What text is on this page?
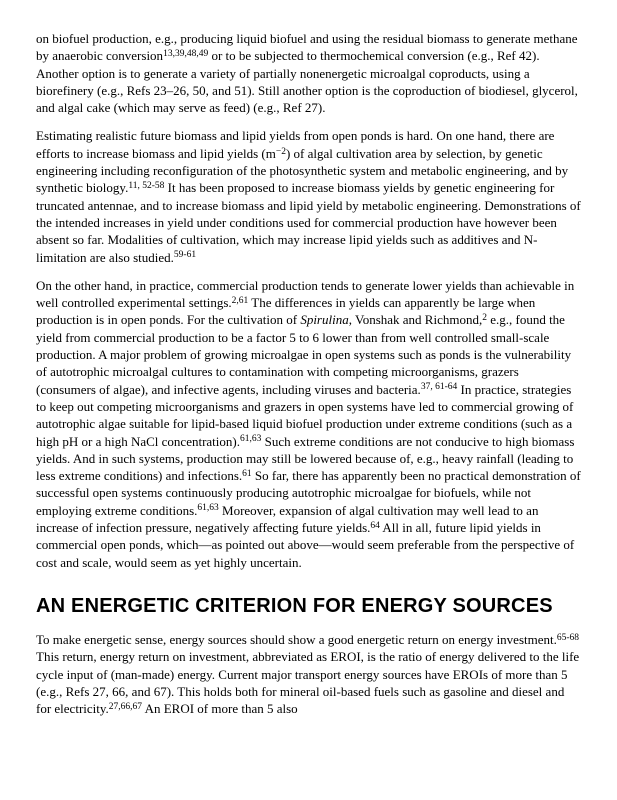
on biofuel production, e.g., producing liquid biofuel and using the residual biomass to generate methane by anaerobic conversion$^{13,39,48,49}$ or to be subjected to thermochemical conversion (e.g., Ref 42). Another option is to generate a variety of partially nonenergetic microalgal coproducts, using a biorefinery (e.g., Refs 23–26, 50, and 51). Still another option is the coproduction of biodiesel, glycerol, and algal cake (which may serve as feed) (e.g., Ref 27).

Estimating realistic future biomass and lipid yields from open ponds is hard. On one hand, there are efforts to increase biomass and lipid yields $(m^{-2})$ of algal cultivation area by selection, by genetic engineering including reconfiguration of the photosynthetic system and metabolic engineering, and by synthetic biology.$^{11, 52-58}$ It has been proposed to increase biomass yields by genetic engineering for truncated antennae, and to increase biomass and lipid yield by metabolic engineering. Demonstrations of the intended increases in yield under conditions used for commercial production have however been absent so far. Modalities of cultivation, which may increase lipid yields such as additives and N-limitation are also studied.$^{59-61}$

On the other hand, in practice, commercial production tends to generate lower yields than achievable in well controlled experimental settings.$^{2,61}$ The differences in yields can apparently be large when production is in open ponds. For the cultivation of Spirulina, Vonshak and Richmond,$^2$ e.g., found the yield from commercial production to be a factor 5 to 6 lower than from well controlled small-scale production. A major problem of growing microalgae in open systems such as ponds is the vulnerability of autotrophic microalgal cultures to contamination with competing microorganisms, grazers (consumers of algae), and infective agents, including viruses and bacteria.$^{37, 61-64}$ In practice, strategies to keep out competing microorganisms and grazers in open systems have led to commercial growing of autotrophic algae suitable for lipid-based liquid biofuel production under extreme conditions (such as a high pH or a high NaCl concentration).$^{61,63}$ Such extreme conditions are not conducive to high biomass yields. And in such systems, production may still be lowered because of, e.g., heavy rainfall (leading to less extreme conditions) and infections.$^{61}$ So far, there has apparently been no practical demonstration of successful open systems continuously producing autotrophic microalgae for biofuels, while not employing extreme conditions.$^{61,63}$ Moreover, expansion of algal cultivation may well lead to an increase of infection pressure, negatively affecting future yields.$^{64}$ All in all, future lipid yields in commercial open ponds, which—as pointed out above—would seem preferable from the perspective of cost and scale, would seem as yet highly uncertain.

AN ENERGETIC CRITERION FOR ENERGY SOURCES

To make energetic sense, energy sources should show a good energetic return on energy investment.$^{65-68}$ This return, energy return on investment, abbreviated as EROI, is the ratio of energy delivered to the life cycle input of (man-made) energy. Current major transport energy sources have EROIs of more than 5 (e.g., Refs 27, 66, and 67). This holds both for mineral oil-based fuels such as gasoline and diesel and for electricity.$^{27,66,67}$ An EROI of more than 5 also
